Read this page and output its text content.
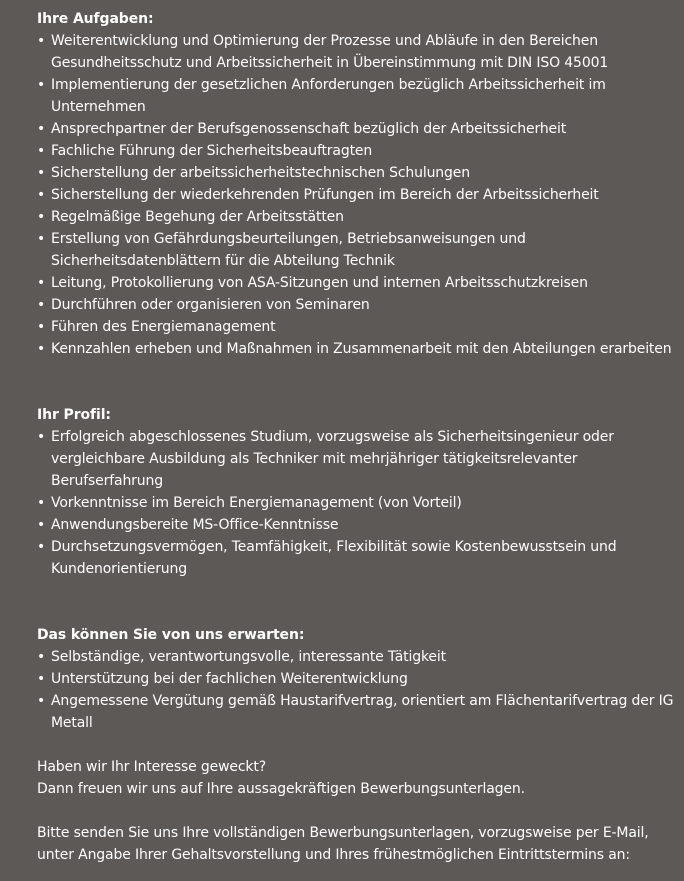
Ihre Aufgaben:
• Weiterentwicklung und Optimierung der Prozesse und Abläufe in den Bereichen Gesundheitsschutz und Arbeitssicherheit in Übereinstimmung mit DIN ISO 45001
• Implementierung der gesetzlichen Anforderungen bezüglich Arbeitssicherheit im Unternehmen
• Ansprechpartner der Berufsgenossenschaft bezüglich der Arbeitssicherheit
• Fachliche Führung der Sicherheitsbeauftragten
• Sicherstellung der arbeitssicherheitstechnischen Schulungen
• Sicherstellung der wiederkehrenden Prüfungen im Bereich der Arbeitssicherheit
• Regelmäßige Begehung der Arbeitsstätten
• Erstellung von Gefährdungsbeurteilungen, Betriebsanweisungen und Sicherheitsdatenblättern für die Abteilung Technik
• Leitung, Protokollierung von ASA-Sitzungen und internen Arbeitsschutzkreisen
• Durchführen oder organisieren von Seminaren
• Führen des Energiemanagement
• Kennzahlen erheben und Maßnahmen in Zusammenarbeit mit den Abteilungen erarbeiten
Ihr Profil:
• Erfolgreich abgeschlossenes Studium, vorzugsweise als Sicherheitsingenieur oder vergleichbare Ausbildung als Techniker mit mehrjähriger tätigkeitsrelevanter Berufserfahrung
• Vorkenntnisse im Bereich Energiemanagement (von Vorteil)
• Anwendungsbereite MS-Office-Kenntnisse
• Durchsetzungsvermögen, Teamfähigkeit, Flexibilität sowie Kostenbewusstsein und Kundenorientierung
Das können Sie von uns erwarten:
• Selbständige, verantwortungsvolle, interessante Tätigkeit
• Unterstützung bei der fachlichen Weiterentwicklung
• Angemessene Vergütung gemäß Haustarifvertrag, orientiert am Flächentarifvertrag der IG Metall

Haben wir Ihr Interesse geweckt?

Dann freuen wir uns auf Ihre aussagekräftigen Bewerbungsunterlagen.

Bitte senden Sie uns Ihre vollständigen Bewerbungsunterlagen, vorzugsweise per E-Mail,

unter Angabe Ihrer Gehaltsvorstellung und Ihres frühestmöglichen Eintrittstermins an:
